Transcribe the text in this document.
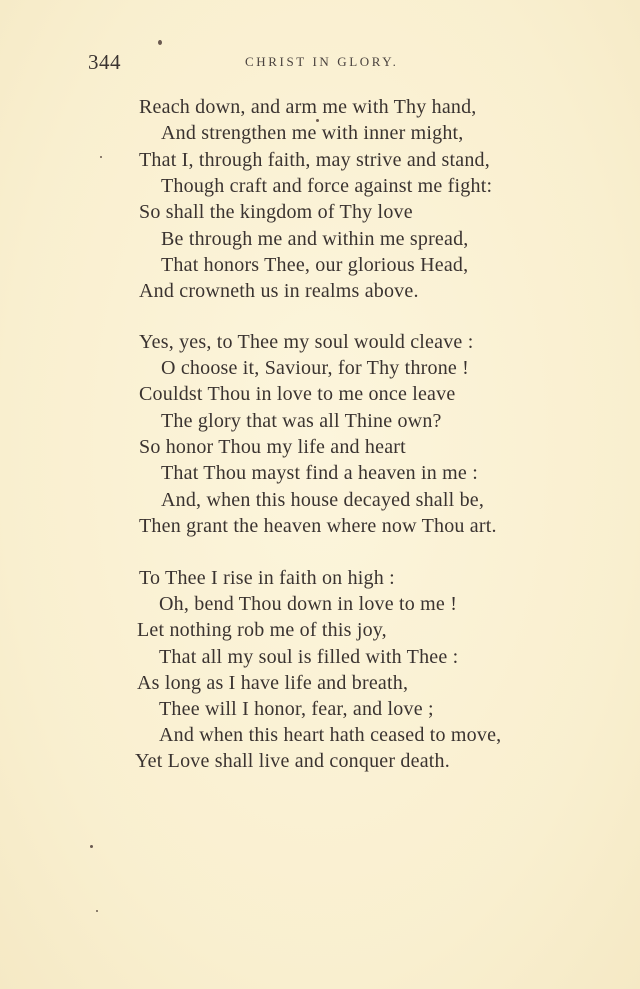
344	CHRIST IN GLORY.
Reach down, and arm me with Thy hand,
And strengthen me with inner might,
That I, through faith, may strive and stand,
Though craft and force against me fight:
So shall the kingdom of Thy love
Be through me and within me spread,
That honors Thee, our glorious Head,
And crowneth us in realms above.
Yes, yes, to Thee my soul would cleave :
O choose it, Saviour, for Thy throne !
Couldst Thou in love to me once leave
The glory that was all Thine own?
So honor Thou my life and heart
That Thou mayst find a heaven in me :
And, when this house decayed shall be,
Then grant the heaven where now Thou art.
To Thee I rise in faith on high :
Oh, bend Thou down in love to me !
Let nothing rob me of this joy,
That all my soul is filled with Thee :
As long as I have life and breath,
Thee will I honor, fear, and love ;
And when this heart hath ceased to move,
Yet Love shall live and conquer death.
